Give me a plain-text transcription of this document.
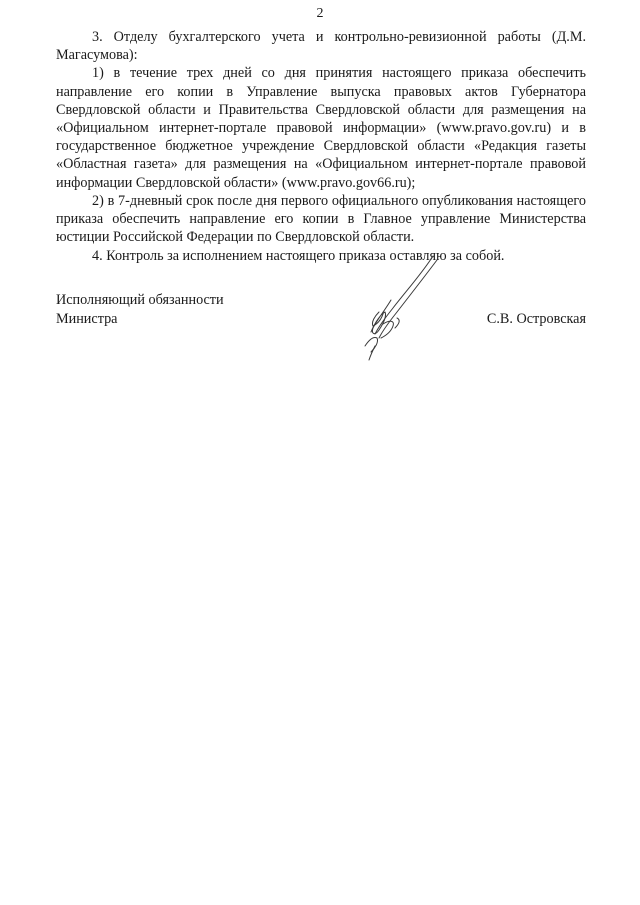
2

3. Отделу бухгалтерского учета и контрольно-ревизионной работы (Д.М. Магасумова):

1) в течение трех дней со дня принятия настоящего приказа обеспечить направление его копии в Управление выпуска правовых актов Губернатора Свердловской области и Правительства Свердловской области для размещения на «Официальном интернет-портале правовой информации» (www.pravo.gov.ru) и в государственное бюджетное учреждение Свердловской области «Редакция газеты «Областная газета» для размещения на «Официальном интернет-портале правовой информации Свердловской области» (www.pravo.gov66.ru);

2) в 7-дневный срок после дня первого официального опубликования настоящего приказа обеспечить направление его копии в Главное управление Министерства юстиции Российской Федерации по Свердловской области.

4. Контроль за исполнением настоящего приказа оставляю за собой.

Исполняющий обязанности
Министра	С.В. Островская
